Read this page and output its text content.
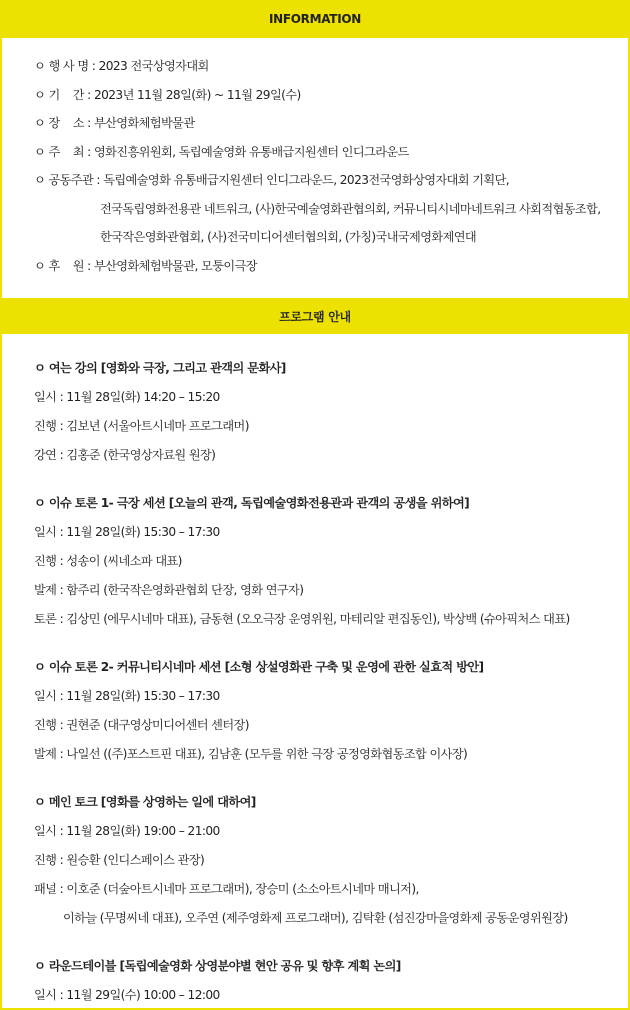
INFORMATION
ㅇ 행 사 명 : 2023 전국상영자대회
ㅇ 기    간 : 2023년 11월 28일(화) ~ 11월 29일(수)
ㅇ 장    소 : 부산영화체험박물관
ㅇ 주    최 : 영화진흥위원회, 독립예술영화 유통배급지원센터 인디그라운드
ㅇ 공동주관 : 독립예술영화 유통배급지원센터 인디그라운드, 2023전국영화상영자대회 기획단,
전국독립영화전용관 네트워크, (사)한국예술영화관협의회, 커뮤니티시네마네트워크 사회적협동조합,
한국작은영화관협회, (사)전국미디어센터협의회, (가칭)국내국제영화제연대
ㅇ 후    원 : 부산영화체험박물관, 모퉁이극장
프로그램 안내
ㅇ 여는 강의 [영화와 극장, 그리고 관객의 문화사]
일시 : 11월 28일(화) 14:20 – 15:20
진행 : 김보년 (서울아트시네마 프로그래머)
강연 : 김홍준 (한국영상자료원 원장)
ㅇ 이슈 토론 1- 극장 세션 [오늘의 관객, 독립예술영화전용관과 관객의 공생을 위하여]
일시 : 11월 28일(화) 15:30 – 17:30
진행 : 성송이 (씨네소파 대표)
발제 : 함주리 (한국작은영화관협회 단장, 영화 연구자)
토론 : 김상민 (에무시네마 대표), 금동현 (오오극장 운영위원, 마테리알 편집동인), 박상백 (슈아픽처스 대표)
ㅇ 이슈 토론 2- 커뮤니티시네마 세션 [소형 상설영화관 구축 및 운영에 관한 실효적 방안]
일시 : 11월 28일(화) 15:30 – 17:30
진행 : 권현준 (대구영상미디어센터 센터장)
발제 : 나일선 ((주)포스트핀 대표), 김남훈 (모두를 위한 극장 공정영화협동조합 이사장)
ㅇ 메인 토크 [영화를 상영하는 일에 대하여]
일시 : 11월 28일(화) 19:00 – 21:00
진행 : 원승환 (인디스페이스 관장)
패널 : 이호준 (더숲아트시네마 프로그래머), 장승미 (소소아트시네마 매니저),
이하늘 (무명씨네 대표), 오주연 (제주영화제 프로그래머), 김탁환 (섬진강마을영화제 공동운영위원장)
ㅇ 라운드테이블 [독립예술영화 상영분야별 현안 공유 및 향후 계획 논의]
일시 : 11월 29일(수) 10:00 – 12:00
